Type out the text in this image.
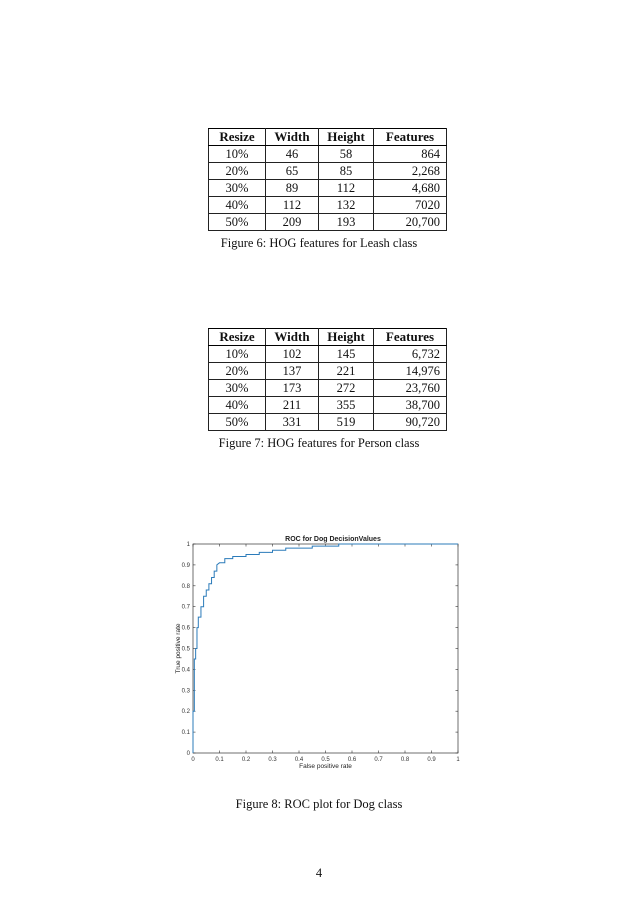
Resize	Width	Height	Features
10%	46	58	864
20%	65	85	2,268
30%	89	112	4,680
40%	112	132	7020
50%	209	193	20,700
Figure 6: HOG features for Leash class
Resize	Width	Height	Features
10%	102	145	6,732
20%	137	221	14,976
30%	173	272	23,760
40%	211	355	38,700
50%	331	519	90,720
Figure 7: HOG features for Person class
ROC for Dog DecisionValues
0	0.1	0.2	0.3	0.4	0.5	0.6	0.7	0.8	0.9	1
0
0.1
0.2
0.3
0.4
0.5
0.6
0.7
0.8
0.9
1
False positive rate
True positive rate
Figure 8: ROC plot for Dog class
4
